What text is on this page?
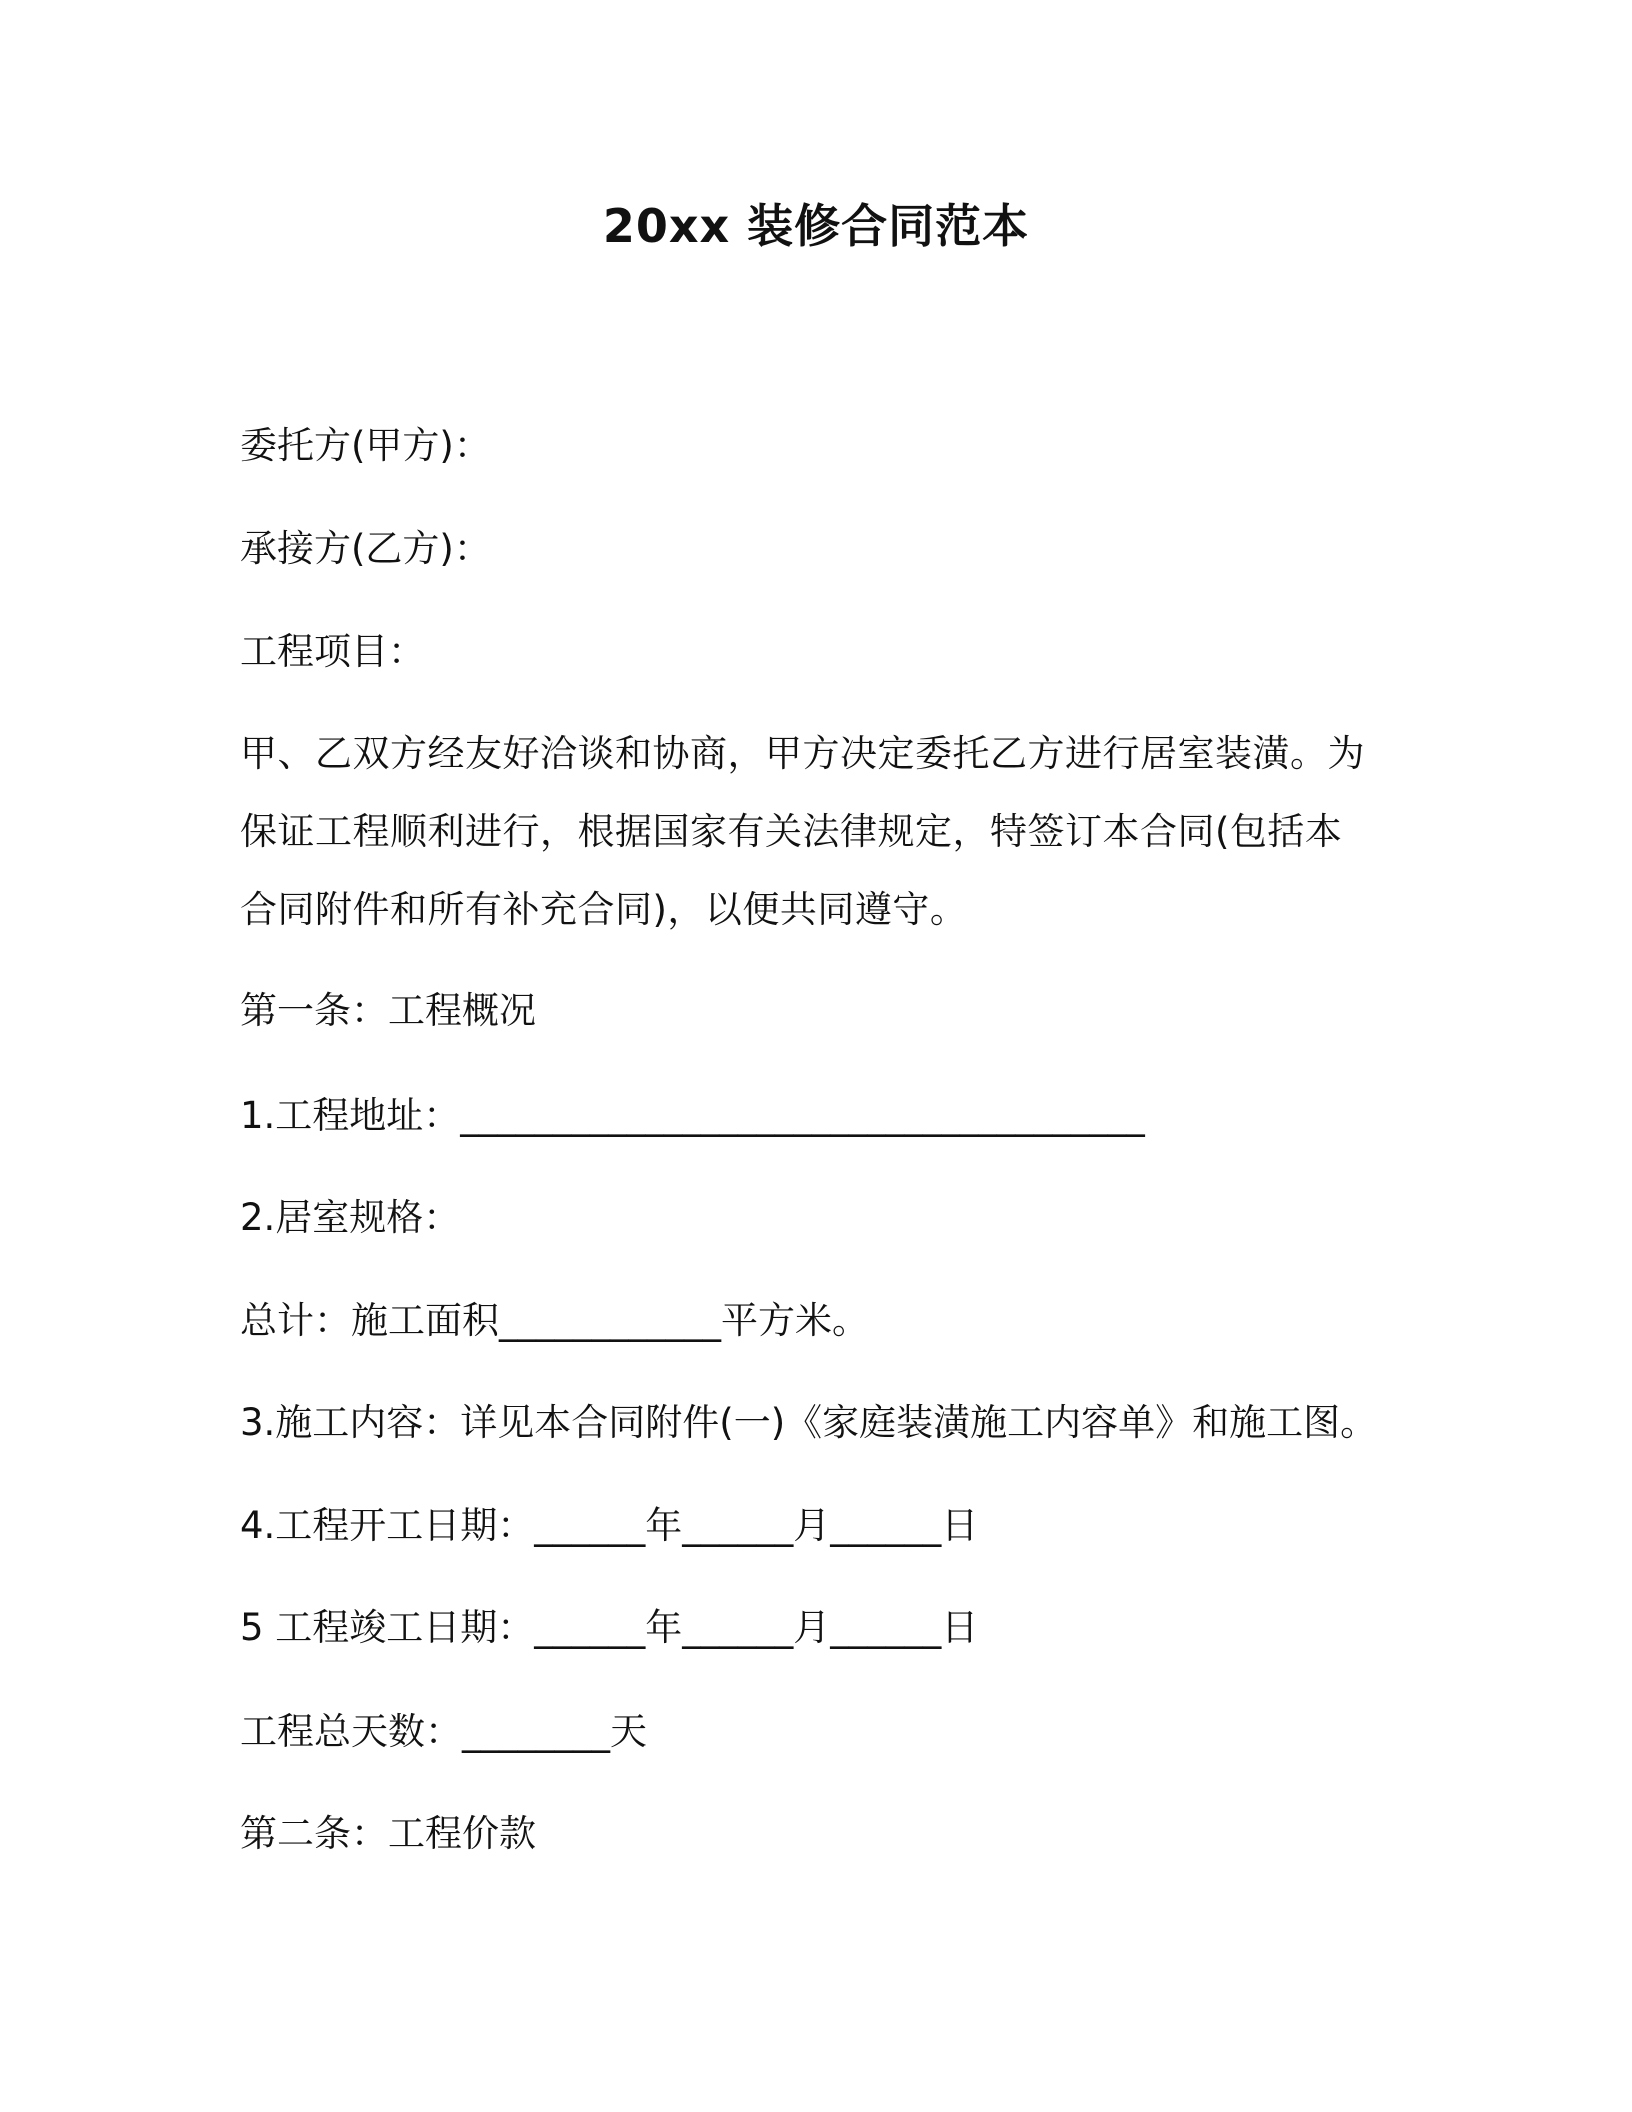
20xx 装修合同范本
委托方(甲方)：
承接方(乙方)：
工程项目：
甲、乙双方经友好洽谈和协商，甲方决定委托乙方进行居室装潢。为保证工程顺利进行，根据国家有关法律规定，特签订本合同(包括本合同附件和所有补充合同)，以便共同遵守。
第一条：工程概况
1.工程地址：_____________________________________
2.居室规格：
总计：施工面积____________平方米。
3.施工内容：详见本合同附件(一)《家庭装潢施工内容单》和施工图。
4.工程开工日期：______年______月______日
5 工程竣工日期：______年______月______日
工程总天数：________天
第二条：工程价款
